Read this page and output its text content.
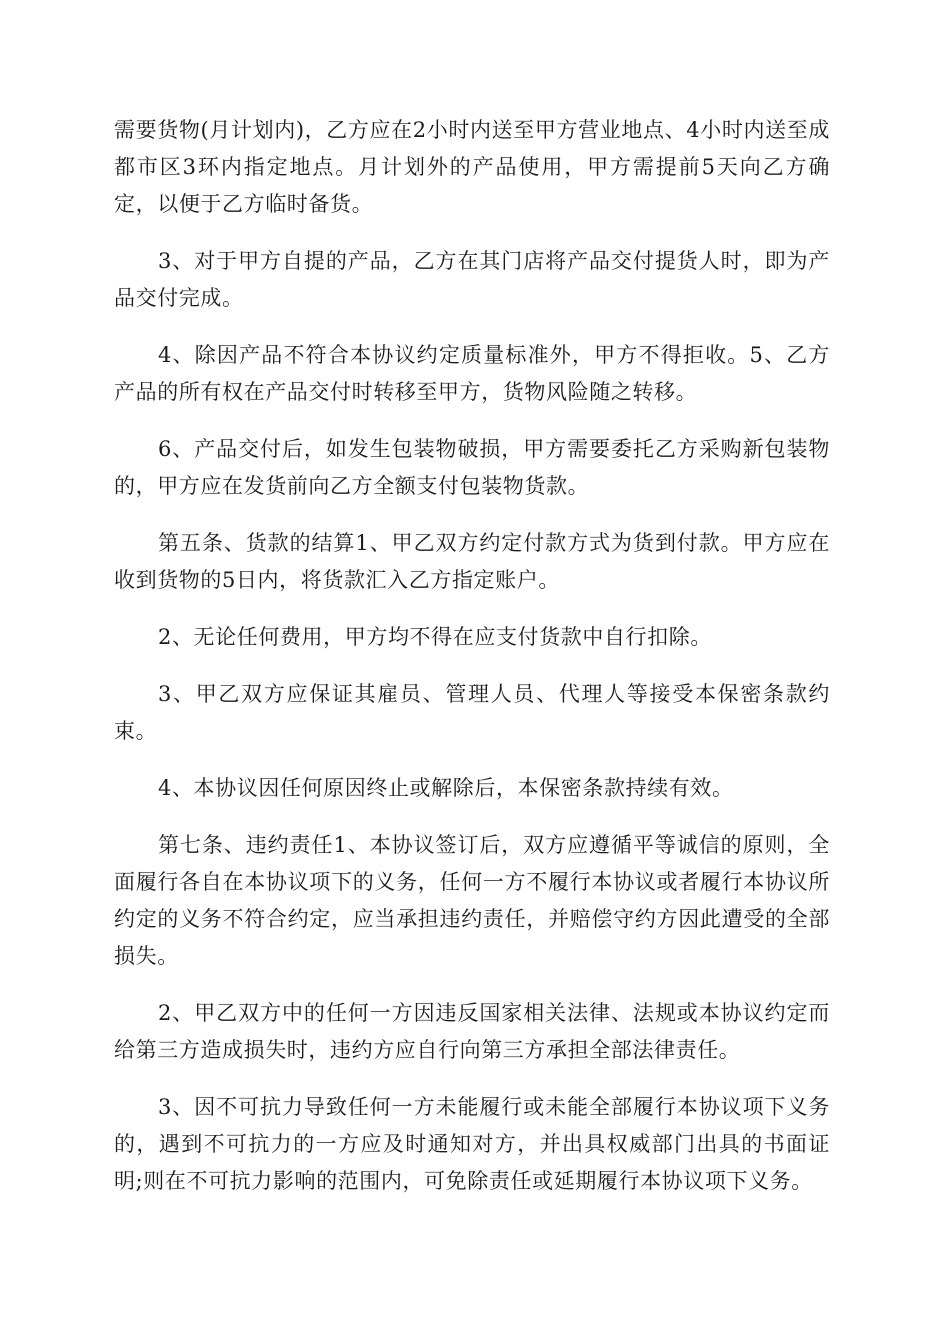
需要货物(月计划内)，乙方应在2小时内送至甲方营业地点、4小时内送至成都市区3环内指定地点。月计划外的产品使用，甲方需提前5天向乙方确定，以便于乙方临时备货。

3、对于甲方自提的产品，乙方在其门店将产品交付提货人时，即为产品交付完成。

4、除因产品不符合本协议约定质量标准外，甲方不得拒收。5、乙方产品的所有权在产品交付时转移至甲方，货物风险随之转移。

6、产品交付后，如发生包装物破损，甲方需要委托乙方采购新包装物的，甲方应在发货前向乙方全额支付包装物货款。

第五条、货款的结算1、甲乙双方约定付款方式为货到付款。甲方应在收到货物的5日内，将货款汇入乙方指定账户。

2、无论任何费用，甲方均不得在应支付货款中自行扣除。

3、甲乙双方应保证其雇员、管理人员、代理人等接受本保密条款约束。

4、本协议因任何原因终止或解除后，本保密条款持续有效。

第七条、违约责任1、本协议签订后，双方应遵循平等诚信的原则，全面履行各自在本协议项下的义务，任何一方不履行本协议或者履行本协议所约定的义务不符合约定，应当承担违约责任，并赔偿守约方因此遭受的全部损失。

2、甲乙双方中的任何一方因违反国家相关法律、法规或本协议约定而给第三方造成损失时，违约方应自行向第三方承担全部法律责任。

3、因不可抗力导致任何一方未能履行或未能全部履行本协议项下义务的，遇到不可抗力的一方应及时通知对方，并出具权威部门出具的书面证明;则在不可抗力影响的范围内，可免除责任或延期履行本协议项下义务。
